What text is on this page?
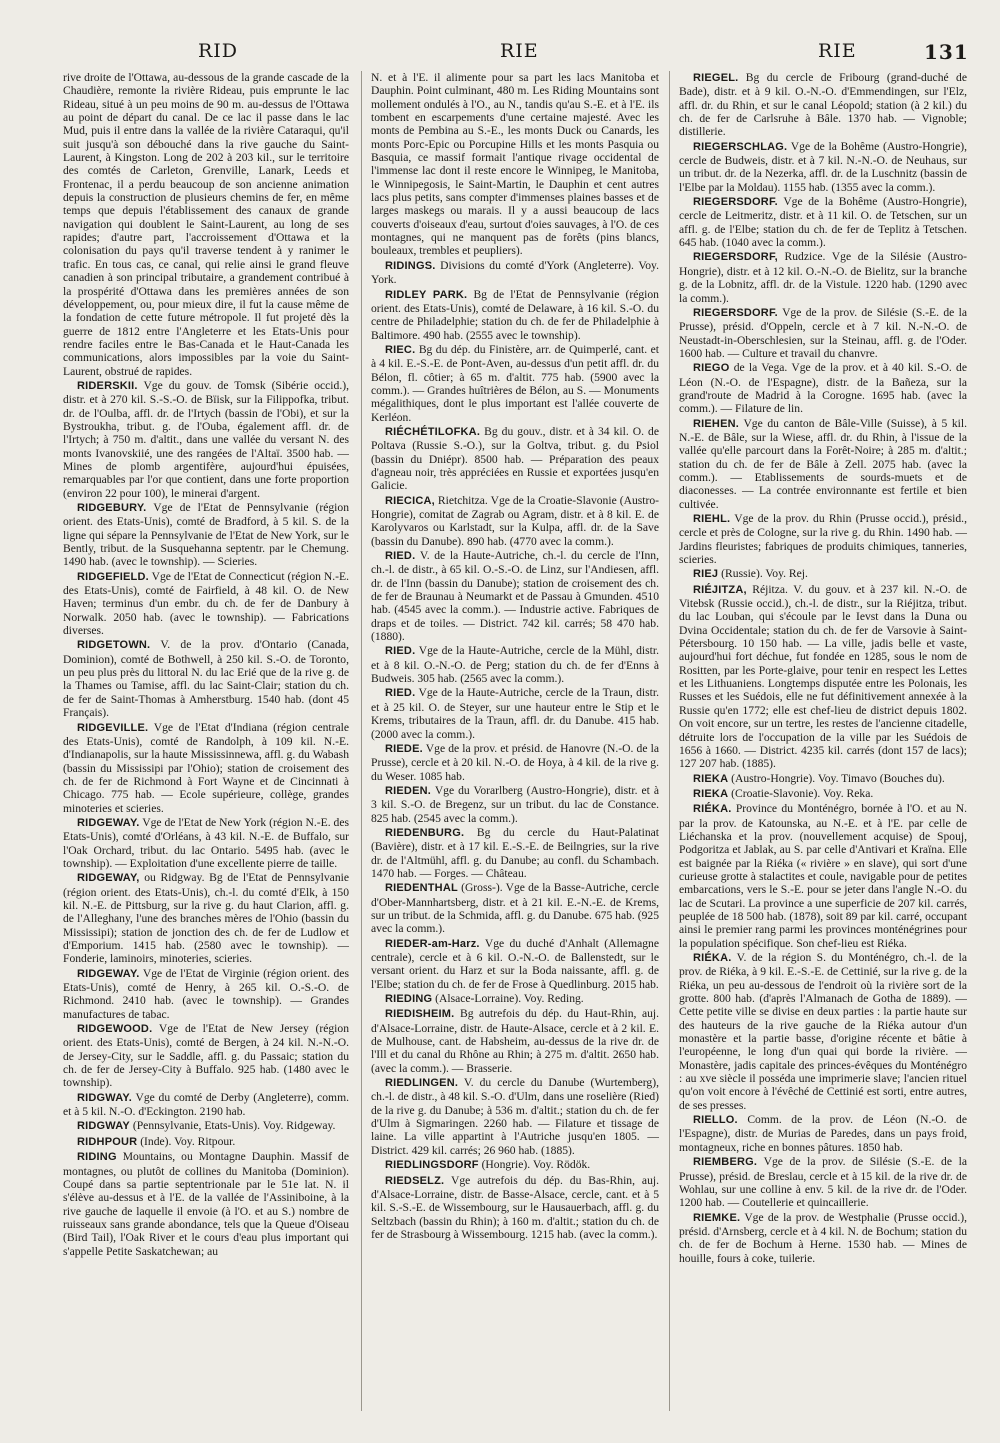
RID	RIE	RIE	131

rive droite de l'Ottawa, au-dessous de la grande cascade de la Chaudière, remonte la rivière Rideau, puis emprunte le lac Rideau, situé à un peu moins de 90 m. au-dessus de l'Ottawa au point de départ du canal. De ce lac il passe dans le lac Mud, puis il entre dans la vallée de la rivière Cataraqui, qu'il suit jusqu'à son débouché dans la rive gauche du Saint-Laurent, à Kingston. Long de 202 à 203 kil., sur le territoire des comtés de Carleton, Grenville, Lanark, Leeds et Frontenac, il a perdu beaucoup de son ancienne animation depuis la construction de plusieurs chemins de fer, en même temps que depuis l'établissement des canaux de grande navigation qui doublent le Saint-Laurent, au long de ses rapides; d'autre part, l'accroissement d'Ottawa et la colonisation du pays qu'il traverse tendent à y ranimer le trafic. En tous cas, ce canal, qui relie ainsi le grand fleuve canadien à son principal tributaire, a grandement contribué à la prospérité d'Ottawa dans les premières années de son développement, ou, pour mieux dire, il fut la cause même de la fondation de cette future métropole. Il fut projeté dès la guerre de 1812 entre l'Angleterre et les Etats-Unis pour rendre faciles entre le Bas-Canada et le Haut-Canada les communications, alors impossibles par la voie du Saint-Laurent, obstrué de rapides.

RIDERSKII. Vge du gouv. de Tomsk (Sibérie occid.), distr. et à 270 kil. S.-S.-O. de Bïisk, sur la Filippofka, tribut. dr. de l'Oulba, affl. dr. de l'Irtych (bassin de l'Obi), et sur la Bystroukha, tribut. g. de l'Ouba, également affl. dr. de l'Irtych; à 750 m. d'altit., dans une vallée du versant N. des monts Ivanovskiié, une des rangées de l'Altaï. 3500 hab. — Mines de plomb argentifère, aujourd'hui épuisées, remarquables par l'or que contient, dans une forte proportion (environ 22 pour 100), le minerai d'argent.

RIDGEBURY. Vge de l'Etat de Pennsylvanie (région orient. des Etats-Unis), comté de Bradford, à 5 kil. S. de la ligne qui sépare la Pennsylvanie de l'Etat de New York, sur le Bently, tribut. de la Susquehanna septentr. par le Chemung. 1490 hab. (avec le township). — Scieries.

RIDGEFIELD. Vge de l'Etat de Connecticut (région N.-E. des Etats-Unis), comté de Fairfield, à 48 kil. O. de New Haven; terminus d'un embr. du ch. de fer de Danbury à Norwalk. 2050 hab. (avec le township). — Fabrications diverses.

RIDGETOWN. V. de la prov. d'Ontario (Canada, Dominion), comté de Bothwell, à 250 kil. S.-O. de Toronto, un peu plus près du littoral N. du lac Erié que de la rive g. de la Thames ou Tamise, affl. du lac Saint-Clair; station du ch. de fer de Saint-Thomas à Amherstburg. 1540 hab. (dont 45 Français).

RIDGEVILLE. Vge de l'Etat d'Indiana (région centrale des Etats-Unis), comté de Randolph, à 109 kil. N.-E. d'Indianapolis, sur la haute Mississinnewa, affl. g. du Wabash (bassin du Mississipi par l'Ohio); station de croisement des ch. de fer de Richmond à Fort Wayne et de Cincinnati à Chicago. 775 hab. — Ecole supérieure, collège, grandes minoteries et scieries.

RIDGEWAY. Vge de l'Etat de New York (région N.-E. des Etats-Unis), comté d'Orléans, à 43 kil. N.-E. de Buffalo, sur l'Oak Orchard, tribut. du lac Ontario. 5495 hab. (avec le township). — Exploitation d'une excellente pierre de taille.

RIDGEWAY, ou Ridgway. Bg de l'Etat de Pennsylvanie (région orient. des Etats-Unis), ch.-l. du comté d'Elk, à 150 kil. N.-E. de Pittsburg, sur la rive g. du haut Clarion, affl. g. de l'Alleghany, l'une des branches mères de l'Ohio (bassin du Mississipi); station de jonction des ch. de fer de Ludlow et d'Emporium. 1415 hab. (2580 avec le township). — Fonderie, laminoirs, minoteries, scieries.

RIDGEWAY. Vge de l'Etat de Virginie (région orient. des Etats-Unis), comté de Henry, à 265 kil. O.-S.-O. de Richmond. 2410 hab. (avec le township). — Grandes manufactures de tabac.

RIDGEWOOD. Vge de l'Etat de New Jersey (région orient. des Etats-Unis), comté de Bergen, à 24 kil. N.-N.-O. de Jersey-City, sur le Saddle, affl. g. du Passaic; station du ch. de fer de Jersey-City à Buffalo. 925 hab. (1480 avec le township).

RIDGWAY. Vge du comté de Derby (Angleterre), comm. et à 5 kil. N.-O. d'Eckington. 2190 hab.

RIDGWAY (Pennsylvanie, Etats-Unis). Voy. Ridgeway.

RIDHPOUR (Inde). Voy. Ritpour.

RIDING Mountains, ou Montagne Dauphin. Massif de montagnes, ou plutôt de collines du Manitoba (Dominion). Coupé dans sa partie septentrionale par le 51e lat. N. il s'élève au-dessus et à l'E. de la vallée de l'Assiniboine, à la rive gauche de laquelle il envoie (à l'O. et au S.) nombre de ruisseaux sans grande abondance, tels que la Queue d'Oiseau (Bird Tail), l'Oak River et le cours d'eau plus important qui s'appelle Petite Saskatchewan; au

N. et à l'E. il alimente pour sa part les lacs Manitoba et Dauphin. Point culminant, 480 m. Les Riding Mountains sont mollement ondulés à l'O., au N., tandis qu'au S.-E. et à l'E. ils tombent en escarpements d'une certaine majesté. Avec les monts de Pembina au S.-E., les monts Duck ou Canards, les monts Porc-Epic ou Porcupine Hills et les monts Pasquia ou Basquia, ce massif formait l'antique rivage occidental de l'immense lac dont il reste encore le Winnipeg, le Manitoba, le Winnipegosis, le Saint-Martin, le Dauphin et cent autres lacs plus petits, sans compter d'immenses plaines basses et de larges maskegs ou marais. Il y a aussi beaucoup de lacs couverts d'oiseaux d'eau, surtout d'oies sauvages, à l'O. de ces montagnes, qui ne manquent pas de forêts (pins blancs, bouleaux, trembles et peupliers).

RIDINGS. Divisions du comté d'York (Angleterre). Voy. York.

RIDLEY PARK. Bg de l'Etat de Pennsylvanie (région orient. des Etats-Unis), comté de Delaware, à 16 kil. S.-O. du centre de Philadelphie; station du ch. de fer de Philadelphie à Baltimore. 490 hab. (2555 avec le township).

RIEC. Bg du dép. du Finistère, arr. de Quimperlé, cant. et à 4 kil. E.-S.-E. de Pont-Aven, au-dessus d'un petit affl. dr. du Bélon, fl. côtier; à 65 m. d'altit. 775 hab. (5900 avec la comm.). — Grandes huîtrières de Bélon, au S. — Monuments mégalithiques, dont le plus important est l'allée couverte de Kerléon.

RIÉCHÉTILOFKA. Bg du gouv., distr. et à 34 kil. O. de Poltava (Russie S.-O.), sur la Goltva, tribut. g. du Psiol (bassin du Dniépr). 8500 hab. — Préparation des peaux d'agneau noir, très appréciées en Russie et exportées jusqu'en Galicie.

RIECICA, Rietchitza. Vge de la Croatie-Slavonie (Austro-Hongrie), comitat de Zagrab ou Agram, distr. et à 8 kil. E. de Karolyvaros ou Karlstadt, sur la Kulpa, affl. dr. de la Save (bassin du Danube). 890 hab. (4770 avec la comm.).

RIED. V. de la Haute-Autriche, ch.-l. du cercle de l'Inn, ch.-l. de distr., à 65 kil. O.-S.-O. de Linz, sur l'Andiesen, affl. dr. de l'Inn (bassin du Danube); station de croisement des ch. de fer de Braunau à Neumarkt et de Passau à Gmunden. 4510 hab. (4545 avec la comm.). — Industrie active. Fabriques de draps et de toiles. — District. 742 kil. carrés; 58 470 hab. (1880).

RIED. Vge de la Haute-Autriche, cercle de la Mühl, distr. et à 8 kil. O.-N.-O. de Perg; station du ch. de fer d'Enns à Budweis. 305 hab. (2565 avec la comm.).

RIED. Vge de la Haute-Autriche, cercle de la Traun, distr. et à 25 kil. O. de Steyer, sur une hauteur entre le Stip et le Krems, tributaires de la Traun, affl. dr. du Danube. 415 hab. (2000 avec la comm.).

RIEDE. Vge de la prov. et présid. de Hanovre (N.-O. de la Prusse), cercle et à 20 kil. N.-O. de Hoya, à 4 kil. de la rive g. du Weser. 1085 hab.

RIEDEN. Vge du Vorarlberg (Austro-Hongrie), distr. et à 3 kil. S.-O. de Bregenz, sur un tribut. du lac de Constance. 825 hab. (2545 avec la comm.).

RIEDENBURG. Bg du cercle du Haut-Palatinat (Bavière), distr. et à 17 kil. E.-S.-E. de Beilngries, sur la rive dr. de l'Altmühl, affl. g. du Danube; au confl. du Schambach. 1470 hab. — Forges. — Château.

RIEDENTHAL (Gross-). Vge de la Basse-Autriche, cercle d'Ober-Mannhartsberg, distr. et à 21 kil. E.-N.-E. de Krems, sur un tribut. de la Schmida, affl. g. du Danube. 675 hab. (925 avec la comm.).

RIEDER-am-Harz. Vge du duché d'Anhalt (Allemagne centrale), cercle et à 6 kil. O.-N.-O. de Ballenstedt, sur le versant orient. du Harz et sur la Boda naissante, affl. g. de l'Elbe; station du ch. de fer de Frose à Quedlinburg. 2015 hab.

RIEDING (Alsace-Lorraine). Voy. Reding.

RIEDISHEIM. Bg autrefois du dép. du Haut-Rhin, auj. d'Alsace-Lorraine, distr. de Haute-Alsace, cercle et à 2 kil. E. de Mulhouse, cant. de Habsheim, au-dessus de la rive dr. de l'Ill et du canal du Rhône au Rhin; à 275 m. d'altit. 2650 hab. (avec la comm.). — Brasserie.

RIEDLINGEN. V. du cercle du Danube (Wurtemberg), ch.-l. de distr., à 48 kil. S.-O. d'Ulm, dans une roselière (Ried) de la rive g. du Danube; à 536 m. d'altit.; station du ch. de fer d'Ulm à Sigmaringen. 2260 hab. — Filature et tissage de laine. La ville appartint à l'Autriche jusqu'en 1805. — District. 429 kil. carrés; 26 960 hab. (1885).

RIEDLINGSDORF (Hongrie). Voy. Rödök.

RIEDSELZ. Vge autrefois du dép. du Bas-Rhin, auj. d'Alsace-Lorraine, distr. de Basse-Alsace, cercle, cant. et à 5 kil. S.-S.-E. de Wissembourg, sur le Hausauerbach, affl. g. du Seltzbach (bassin du Rhin); à 160 m. d'altit.; station du ch. de fer de Strasbourg à Wissembourg. 1215 hab. (avec la comm.).

RIEGEL. Bg du cercle de Fribourg (grand-duché de Bade), distr. et à 9 kil. O.-N.-O. d'Emmendingen, sur l'Elz, affl. dr. du Rhin, et sur le canal Léopold; station (à 2 kil.) du ch. de fer de Carlsruhe à Bâle. 1370 hab. — Vignoble; distillerie.

RIEGERSCHLAG. Vge de la Bohême (Austro-Hongrie), cercle de Budweis, distr. et à 7 kil. N.-N.-O. de Neuhaus, sur un tribut. dr. de la Nezerka, affl. dr. de la Luschnitz (bassin de l'Elbe par la Moldau). 1155 hab. (1355 avec la comm.).

RIEGERSDORF. Vge de la Bohême (Austro-Hongrie), cercle de Leitmeritz, distr. et à 11 kil. O. de Tetschen, sur un affl. g. de l'Elbe; station du ch. de fer de Teplitz à Tetschen. 645 hab. (1040 avec la comm.).

RIEGERSDORF, Rudzice. Vge de la Silésie (Austro-Hongrie), distr. et à 12 kil. O.-N.-O. de Bielitz, sur la branche g. de la Lobnitz, affl. dr. de la Vistule. 1220 hab. (1290 avec la comm.).

RIEGERSDORF. Vge de la prov. de Silésie (S.-E. de la Prusse), présid. d'Oppeln, cercle et à 7 kil. N.-N.-O. de Neustadt-in-Oberschlesien, sur la Steinau, affl. g. de l'Oder. 1600 hab. — Culture et travail du chanvre.

RIEGO de la Vega. Vge de la prov. et à 40 kil. S.-O. de Léon (N.-O. de l'Espagne), distr. de la Bañeza, sur la grand'route de Madrid à la Corogne. 1695 hab. (avec la comm.). — Filature de lin.

RIEHEN. Vge du canton de Bâle-Ville (Suisse), à 5 kil. N.-E. de Bâle, sur la Wiese, affl. dr. du Rhin, à l'issue de la vallée qu'elle parcourt dans la Forêt-Noire; à 285 m. d'altit.; station du ch. de fer de Bâle à Zell. 2075 hab. (avec la comm.). — Etablissements de sourds-muets et de diaconesses. — La contrée environnante est fertile et bien cultivée.

RIEHL. Vge de la prov. du Rhin (Prusse occid.), présid., cercle et près de Cologne, sur la rive g. du Rhin. 1490 hab. — Jardins fleuristes; fabriques de produits chimiques, tanneries, scieries.

RIEJ (Russie). Voy. Rej.

RIÉJITZA, Réjitza. V. du gouv. et à 237 kil. N.-O. de Vitebsk (Russie occid.), ch.-l. de distr., sur la Riéjitza, tribut. du lac Louban, qui s'écoule par le Ievst dans la Duna ou Dvina Occidentale; station du ch. de fer de Varsovie à Saint-Pétersbourg. 10 150 hab. — La ville, jadis belle et vaste, aujourd'hui fort déchue, fut fondée en 1285, sous le nom de Rositten, par les Porte-glaive, pour tenir en respect les Lettes et les Lithuaniens. Longtemps disputée entre les Polonais, les Russes et les Suédois, elle ne fut définitivement annexée à la Russie qu'en 1772; elle est chef-lieu de district depuis 1802. On voit encore, sur un tertre, les restes de l'ancienne citadelle, détruite lors de l'occupation de la ville par les Suédois de 1656 à 1660. — District. 4235 kil. carrés (dont 157 de lacs); 127 207 hab. (1885).

RIEKA (Austro-Hongrie). Voy. Timavo (Bouches du).

RIEKA (Croatie-Slavonie). Voy. Reka.

RIÉKA. Province du Monténégro, bornée à l'O. et au N. par la prov. de Katounska, au N.-E. et à l'E. par celle de Liéchanska et la prov. (nouvellement acquise) de Spouj, Podgoritza et Jablak, au S. par celle d'Antivari et Kraïna. Elle est baignée par la Riéka (« rivière » en slave), qui sort d'une curieuse grotte à stalactites et coule, navigable pour de petites embarcations, vers le S.-E. pour se jeter dans l'angle N.-O. du lac de Scutari. La province a une superficie de 207 kil. carrés, peuplée de 18 500 hab. (1878), soit 89 par kil. carré, occupant ainsi le premier rang parmi les provinces monténégrines pour la population spécifique. Son chef-lieu est Riéka.

RIÉKA. V. de la région S. du Monténégro, ch.-l. de la prov. de Riéka, à 9 kil. E.-S.-E. de Cettinié, sur la rive g. de la Riéka, un peu au-dessous de l'endroit où la rivière sort de la grotte. 800 hab. (d'après l'Almanach de Gotha de 1889). — Cette petite ville se divise en deux parties : la partie haute sur des hauteurs de la rive gauche de la Riéka autour d'un monastère et la partie basse, d'origine récente et bâtie à l'européenne, le long d'un quai qui borde la rivière. — Monastère, jadis capitale des princes-évêques du Monténégro : au xve siècle il posséda une imprimerie slave; l'ancien rituel qu'on voit encore à l'évêché de Cettinié est sorti, entre autres, de ses presses.

RIELLO. Comm. de la prov. de Léon (N.-O. de l'Espagne), distr. de Murias de Paredes, dans un pays froid, montagneux, riche en bonnes pâtures. 1850 hab.

RIEMBERG. Vge de la prov. de Silésie (S.-E. de la Prusse), présid. de Breslau, cercle et à 15 kil. de la rive dr. de Wohlau, sur une colline à env. 5 kil. de la rive dr. de l'Oder. 1200 hab. — Coutellerie et quincaillerie.

RIEMKE. Vge de la prov. de Westphalie (Prusse occid.), présid. d'Arnsberg, cercle et à 4 kil. N. de Bochum; station du ch. de fer de Bochum à Herne. 1530 hab. — Mines de houille, fours à coke, tuilerie.
